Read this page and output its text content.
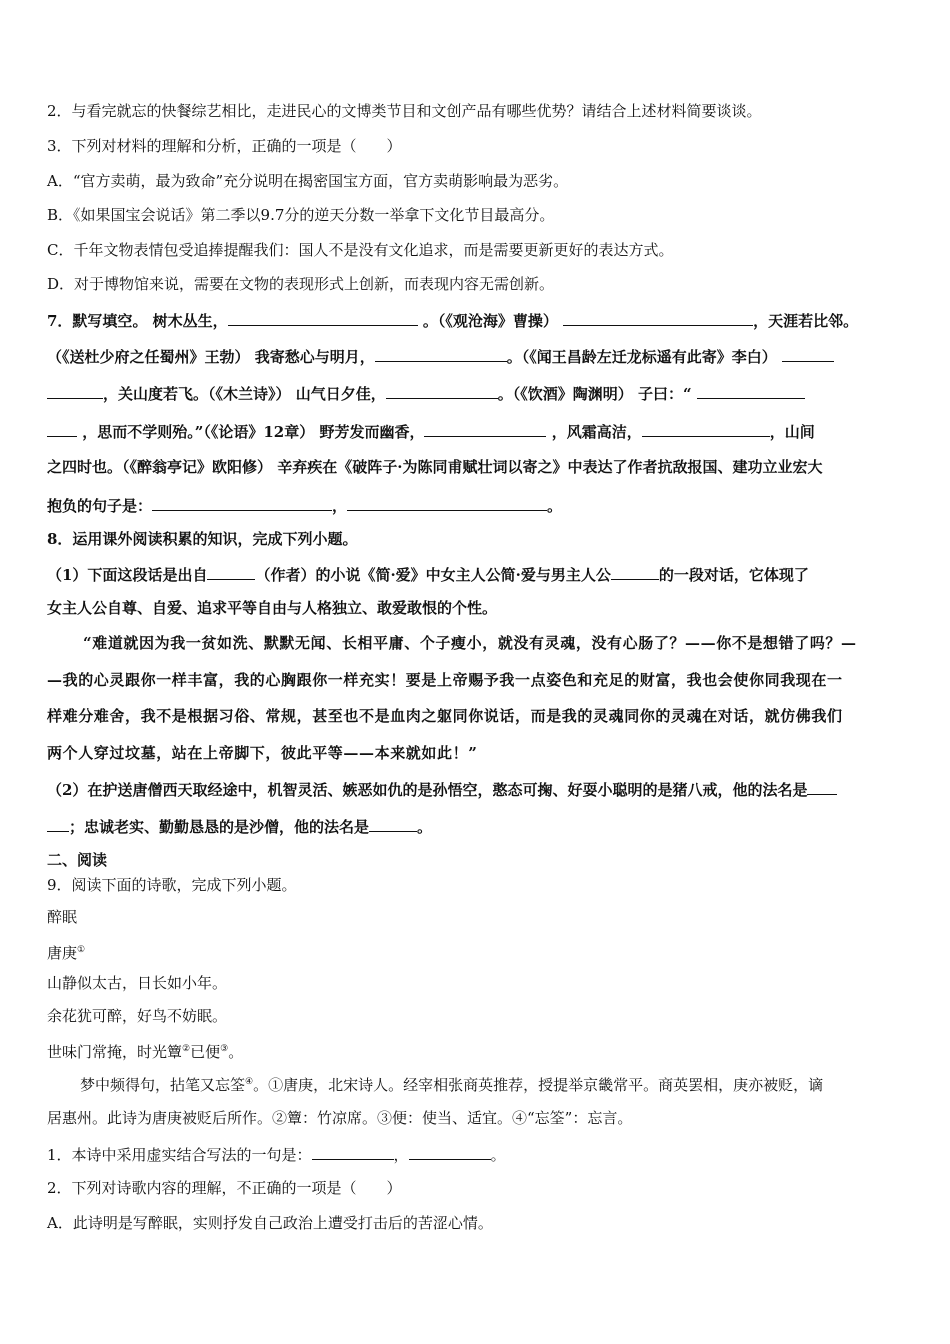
2．与看完就忘的快餐综艺相比，走进民心的文博类节目和文创产品有哪些优势？请结合上述材料简要谈谈。
3．下列对材料的理解和分析，正确的一项是（　　）
A．“官方卖萌，最为致命”充分说明在揭密国宝方面，官方卖萌影响最为恶劣。
B．《如果国宝会说话》第二季以9.7分的逆天分数一举拿下文化节目最高分。
C．千年文物表情包受追捧提醒我们：国人不是没有文化追求，而是需要更新更好的表达方式。
D．对于博物馆来说，需要在文物的表现形式上创新，而表现内容无需创新。
7．默写填空。 树木丛生，	。（《观沧海》曹操）	，天涯若比邻。
（《送杜少府之任蜀州》王勃） 我寄愁心与明月，	。（《闻王昌龄左迁龙标遥有此寄》李白）
，关山度若飞。（《木兰诗》） 山气日夕佳，	。（《饮酒》陶渊明） 子曰：“
，思而不学则殆。”（《论语》12章） 野芳发而幽香，	，风霜高洁，	，山间
之四时也。（《醉翁亭记》欧阳修） 辛弃疾在《破阵子·为陈同甫赋壮词以寄之》中表达了作者抗敌报国、建功立业宏大
抱负的句子是：	，	。
8．运用课外阅读积累的知识，完成下列小题。
（1）下面这段话是出自	（作者）的小说《简·爱》中女主人公简·爱与男主人公	的一段对话，它体现了
女主人公自尊、自爱、追求平等自由与人格独立、敢爱敢恨的个性。
“难道就因为我一贫如洗、默默无闻、长相平庸、个子瘦小，就没有灵魂，没有心肠了？——你不是想错了吗？—
—我的心灵跟你一样丰富，我的心胸跟你一样充实！要是上帝赐予我一点姿色和充足的财富，我也会使你同我现在一
样难分难舍，我不是根据习俗、常规，甚至也不是血肉之躯同你说话，而是我的灵魂同你的灵魂在对话，就仿佛我们
两个人穿过坟墓，站在上帝脚下，彼此平等——本来就如此！”
（2）在护送唐僧西天取经途中，机智灵活、嫉恶如仇的是孙悟空，憨态可掬、好耍小聪明的是猪八戒，他的法名是
；忠诚老实、勤勤恳恳的是沙僧，他的法名是	。
二、阅读
9．阅读下面的诗歌，完成下列小题。
醉眠
唐庚①
山静似太古，日长如小年。
余花犹可醉，好鸟不妨眠。
世味门常掩，时光簟②已便③。
梦中频得句，拈笔又忘筌④。①唐庚，北宋诗人。经宰相张商英推荐，授提举京畿常平。商英罢相，庚亦被贬，谪
居惠州。此诗为唐庚被贬后所作。②簟：竹凉席。③便：使当、适宜。④“忘筌”：忘言。
1．本诗中采用虚实结合写法的一句是：	，	。
2．下列对诗歌内容的理解，不正确的一项是（　　）
A．此诗明是写醉眠，实则抒发自己政治上遭受打击后的苦涩心情。
